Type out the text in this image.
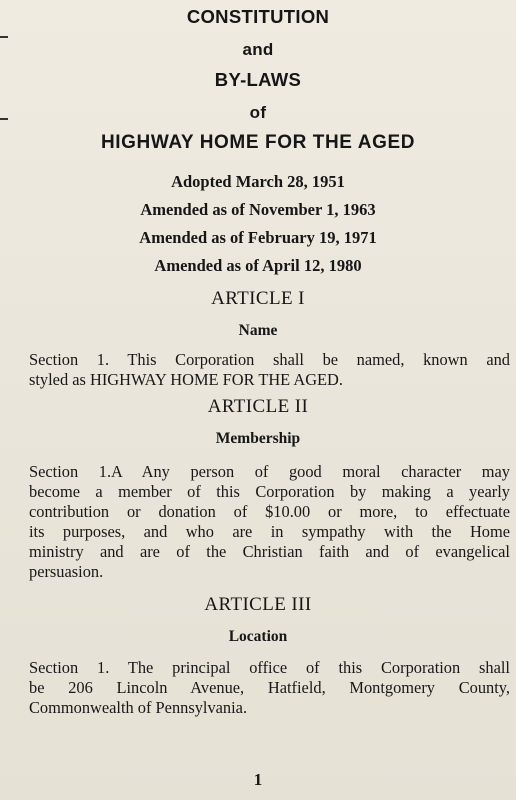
CONSTITUTION
and
BY-LAWS
of
HIGHWAY HOME FOR THE AGED
Adopted March 28, 1951
Amended as of November 1, 1963
Amended as of February 19, 1971
Amended as of April 12, 1980
ARTICLE I
Name

Section 1. This Corporation shall be named, known and
styled as HIGHWAY HOME FOR THE AGED.

ARTICLE II
Membership

Section 1.A Any person of good moral character may
become a member of this Corporation by making a yearly
contribution or donation of $10.00 or more, to effectuate
its purposes, and who are in sympathy with the Home
ministry and are of the Christian faith and of evangelical
persuasion.

ARTICLE III
Location

Section 1. The principal office of this Corporation shall
be 206 Lincoln Avenue, Hatfield, Montgomery County,
Commonwealth of Pennsylvania.

1
